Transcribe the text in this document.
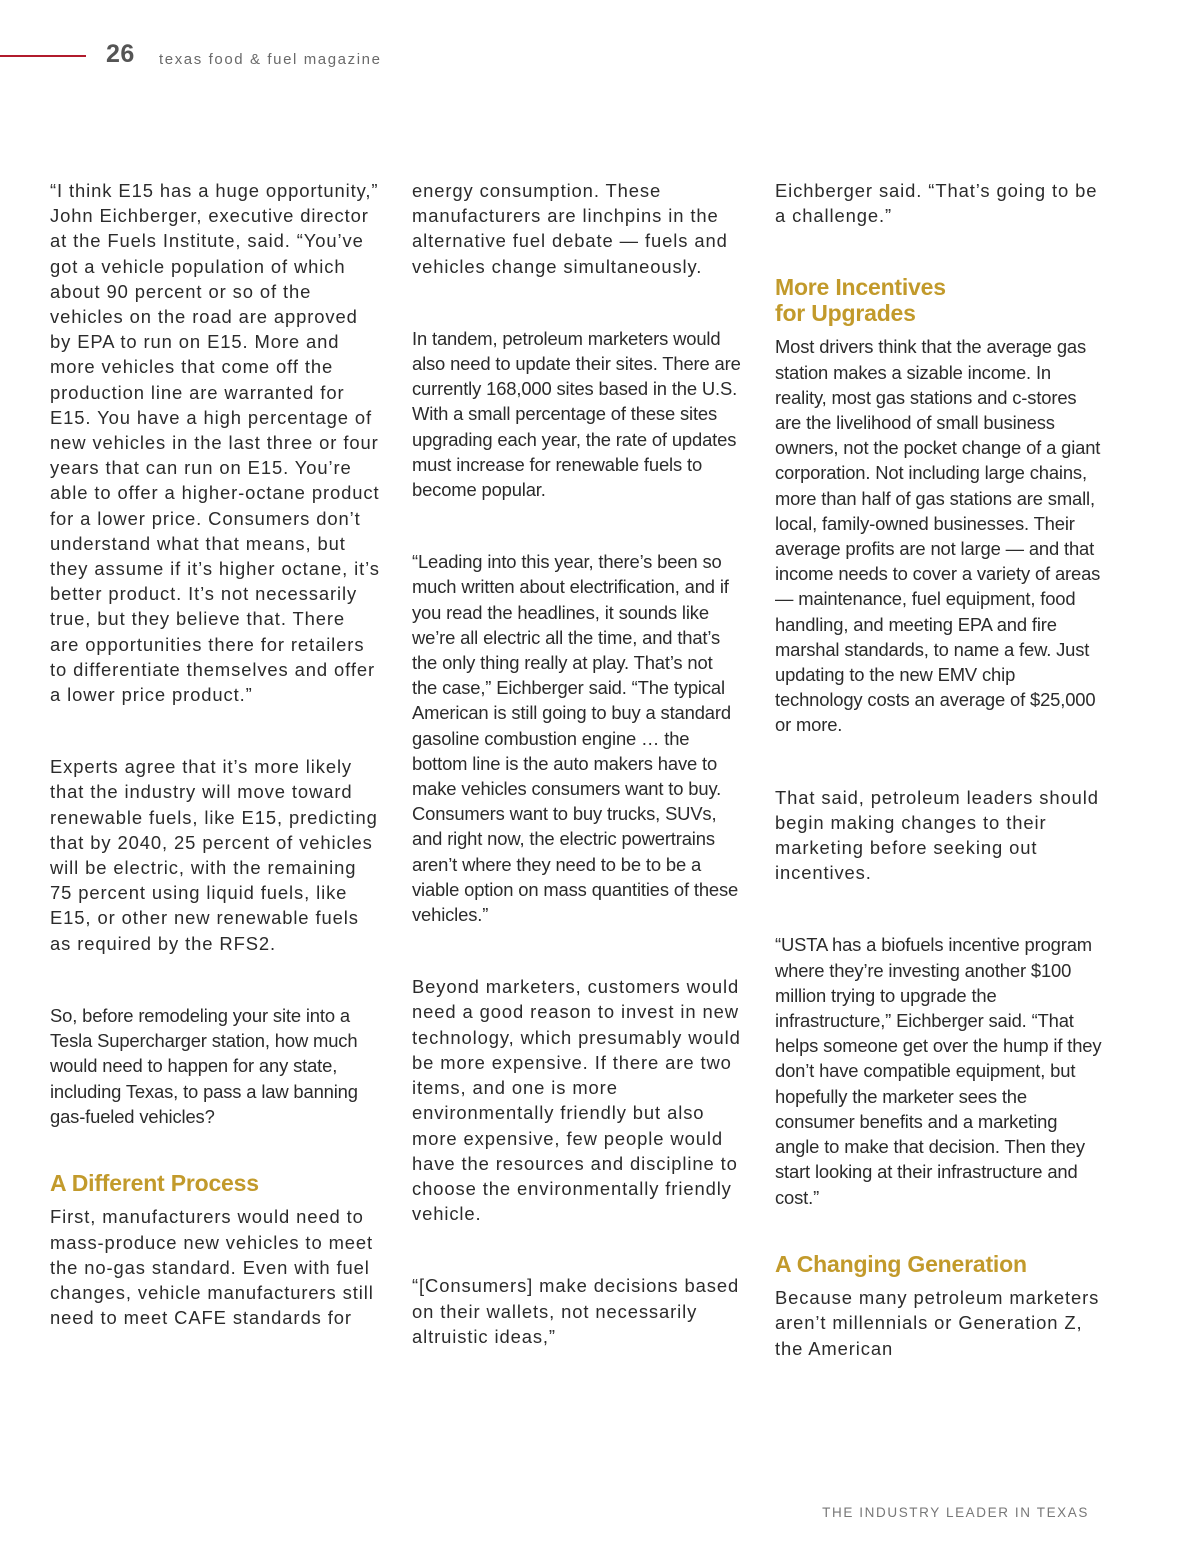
26 texas food & fuel magazine

“I think E15 has a huge opportunity,” John Eichberger, executive director at the Fuels Institute, said. “You’ve got a vehicle population of which about 90 percent or so of the vehicles on the road are approved by EPA to run on E15. More and more vehicles that come off the production line are warranted for E15. You have a high percentage of new vehicles in the last three or four years that can run on E15. You’re able to offer a higher-octane product for a lower price. Consumers don’t understand what that means, but they assume if it’s higher octane, it’s better product. It’s not necessarily true, but they believe that. There are opportunities there for retailers to differentiate themselves and offer a lower price product.”

Experts agree that it’s more likely that the industry will move toward renewable fuels, like E15, predicting that by 2040, 25 percent of vehicles will be electric, with the remaining 75 percent using liquid fuels, like E15, or other new renewable fuels as required by the RFS2.

So, before remodeling your site into a Tesla Supercharger station, how much would need to happen for any state, including Texas, to pass a law banning gas-fueled vehicles?

A Different Process

First, manufacturers would need to mass-produce new vehicles to meet the no-gas standard. Even with fuel changes, vehicle manufacturers still need to meet CAFE standards for

energy consumption. These manufacturers are linchpins in the alternative fuel debate — fuels and vehicles change simultaneously.

In tandem, petroleum marketers would also need to update their sites. There are currently 168,000 sites based in the U.S. With a small percentage of these sites upgrading each year, the rate of updates must increase for renewable fuels to become popular.

“Leading into this year, there’s been so much written about electrification, and if you read the headlines, it sounds like we’re all electric all the time, and that’s the only thing really at play. That’s not the case,” Eichberger said. “The typical American is still going to buy a standard gasoline combustion engine … the bottom line is the auto makers have to make vehicles consumers want to buy. Consumers want to buy trucks, SUVs, and right now, the electric powertrains aren’t where they need to be to be a viable option on mass quantities of these vehicles.”

Beyond marketers, customers would need a good reason to invest in new technology, which presumably would be more expensive. If there are two items, and one is more environmentally friendly but also more expensive, few people would have the resources and discipline to choose the environmentally friendly vehicle.

“[Consumers] make decisions based on their wallets, not necessarily altruistic ideas,”

Eichberger said. “That’s going to be a challenge.”

More Incentives for Upgrades

Most drivers think that the average gas station makes a sizable income. In reality, most gas stations and c-stores are the livelihood of small business owners, not the pocket change of a giant corporation. Not including large chains, more than half of gas stations are small, local, family-owned businesses. Their average profits are not large — and that income needs to cover a variety of areas — maintenance, fuel equipment, food handling, and meeting EPA and fire marshal standards, to name a few. Just updating to the new EMV chip technology costs an average of $25,000 or more.

That said, petroleum leaders should begin making changes to their marketing before seeking out incentives.

“USTA has a biofuels incentive program where they’re investing another $100 million trying to upgrade the infrastructure,” Eichberger said. “That helps someone get over the hump if they don’t have compatible equipment, but hopefully the marketer sees the consumer benefits and a marketing angle to make that decision. Then they start looking at their infrastructure and cost.”

A Changing Generation

Because many petroleum marketers aren’t millennials or Generation Z, the American

THE INDUSTRY LEADER IN TEXAS
